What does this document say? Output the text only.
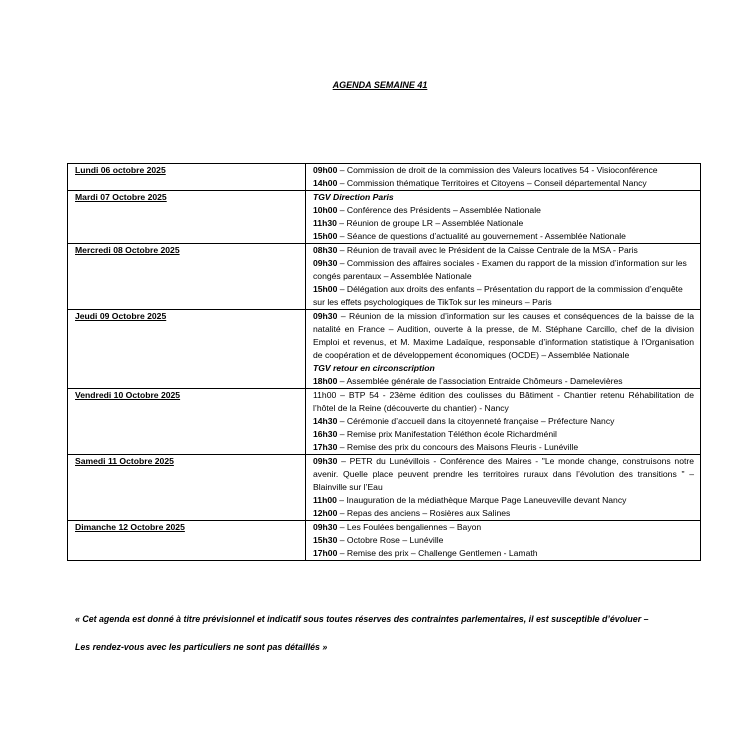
AGENDA SEMAINE 41
Lundi 06 octobre 2025	09h00 – Commission de droit de la commission des Valeurs locatives 54 - Visioconférence
14h00 – Commission thématique Territoires et Citoyens – Conseil départemental Nancy

Mardi 07 Octobre 2025	TGV Direction Paris
10h00 – Conférence des Présidents – Assemblée Nationale
11h30 – Réunion de groupe LR – Assemblée Nationale
15h00 – Séance de questions d’actualité au gouvernement - Assemblée Nationale

Mercredi 08 Octobre 2025	08h30 – Réunion de travail avec le Président de la Caisse Centrale de la MSA - Paris
09h30 – Commission des affaires sociales - Examen du rapport de la mission d’information sur les congés parentaux – Assemblée Nationale
15h00 – Délégation aux droits des enfants – Présentation du rapport de la commission d’enquête sur les effets psychologiques de TikTok sur les mineurs – Paris

Jeudi 09 Octobre 2025	09h30 – Réunion de la mission d’information sur les causes et conséquences de la baisse de la natalité en France – Audition, ouverte à la presse, de M. Stéphane Carcillo, chef de la division Emploi et revenus, et M. Maxime Ladaïque, responsable d’information statistique à l’Organisation de coopération et de développement économiques (OCDE) – Assemblée Nationale
TGV retour en circonscription
18h00 – Assemblée générale de l’association Entraide Chômeurs - Damelevières

Vendredi 10 Octobre 2025	11h00 – BTP 54 - 23ème édition des coulisses du Bâtiment - Chantier retenu Réhabilitation de l’hôtel de la Reine (découverte du chantier) - Nancy
14h30 – Cérémonie d’accueil dans la citoyenneté française – Préfecture Nancy
16h30 – Remise prix Manifestation Téléthon école Richardménil
17h30 – Remise des prix du concours des Maisons Fleuris - Lunéville

Samedi 11 Octobre 2025	09h30 – PETR du Lunévillois - Conférence des Maires - "Le monde change, construisons notre avenir. Quelle place peuvent prendre les territoires ruraux dans l’évolution des transitions " – Blainville sur l’Eau
11h00 – Inauguration de la médiathèque Marque Page Laneuveville devant Nancy
12h00 – Repas des anciens – Rosières aux Salines

Dimanche 12 Octobre 2025	09h30 – Les Foulées bengaliennes – Bayon
15h30 – Octobre Rose – Lunéville
17h00 – Remise des prix – Challenge Gentlemen - Lamath
« Cet agenda est donné à titre prévisionnel et indicatif sous toutes réserves des contraintes parlementaires, il est susceptible d’évoluer –
Les rendez-vous avec les particuliers ne sont pas détaillés »
